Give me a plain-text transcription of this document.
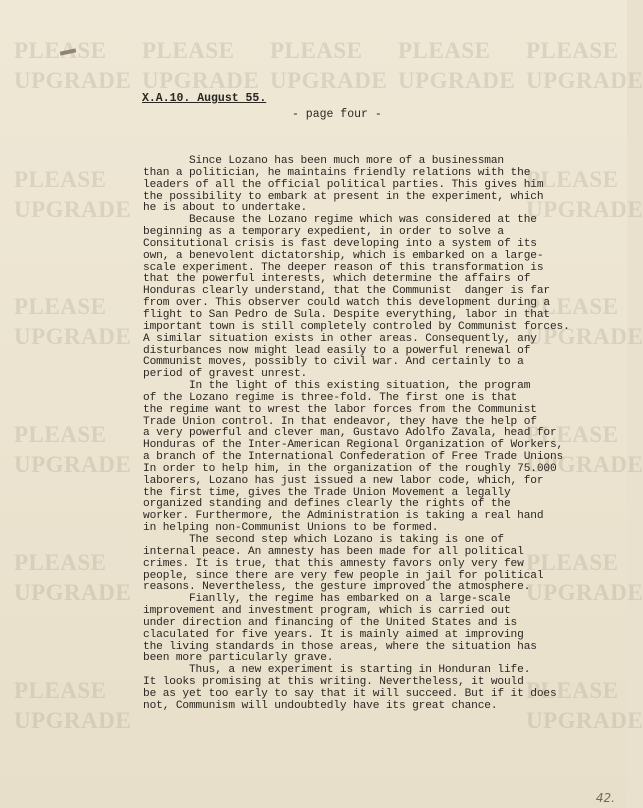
PLEASE
UPGRADE
PLEASE
UPGRADE
PLEASE
UPGRADE
PLEASE
UPGRADE
PLEASE
UPGRADE
PLEASE
UPGRADE
PLEASE
UPGRADE
PLEASE
UPGRADE
PLEASE
UPGRADE
PLEASE
UPGRADE
PLEASE
UPGRADE
PLEASE
UPGRADE
PLEASE
UPGRADE
PLEASE
UPGRADE
PLEASE
UPGRADE
X.A.10. August 55.
- page four -
Since Lozano has been much more of a businessman
than a politician, he maintains friendly relations with the
leaders of all the official political parties. This gives him
the possibility to embark at present in the experiment, which
he is about to undertake.
Because the Lozano regime which was considered at the
beginning as a temporary expedient, in order to solve a
Consitutional crisis is fast developing into a system of its
own, a benevolent dictatorship, which is embarked on a large-
scale experiment. The deeper reason of this transformation is
that the powerful interests, which determine the affairs of
Honduras clearly understand, that the Communist  danger is far
from over. This observer could watch this development during a
flight to San Pedro de Sula. Despite everything, labor in that
important town is still completely controled by Communist forces.
A similar situation exists in other areas. Consequently, any
disturbances now might lead easily to a powerful renewal of
Communist moves, possibly to civil war. And certainly to a
period of gravest unrest.
In the light of this existing situation, the program
of the Lozano regime is three-fold. The first one is that
the regime want to wrest the labor forces from the Communist
Trade Union control. In that endeavor, they have the help of
a very powerful and clever man, Gustavo Adolfo Zavala, head for
Honduras of the Inter-American Regional Organization of Workers,
a branch of the International Confederation of Free Trade Unions
In order to help him, in the organization of the roughly 75.000
laborers, Lozano has just issued a new labor code, which, for
the first time, gives the Trade Union Movement a legally
organized standing and defines clearly the rights of the
worker. Furthermore, the Administration is taking a real hand
in helping non-Communist Unions to be formed.
The second step which Lozano is taking is one of
internal peace. An amnesty has been made for all political
crimes. It is true, that this amnesty favors only very few
people, since there are very few people in jail for political
reasons. Nevertheless, the gesture improved the atmosphere.
Fianlly, the regime has embarked on a large-scale
improvement and investment program, which is carried out
under direction and financing of the United States and is
claculated for five years. It is mainly aimed at improving
the living standards in those areas, where the situation has
been more particularly grave.
Thus, a new experiment is starting in Honduran life.
It looks promising at this writing. Nevertheless, it would
be as yet too early to say that it will succeed. But if it does
not, Communism will undoubtedly have its great chance.
42.
